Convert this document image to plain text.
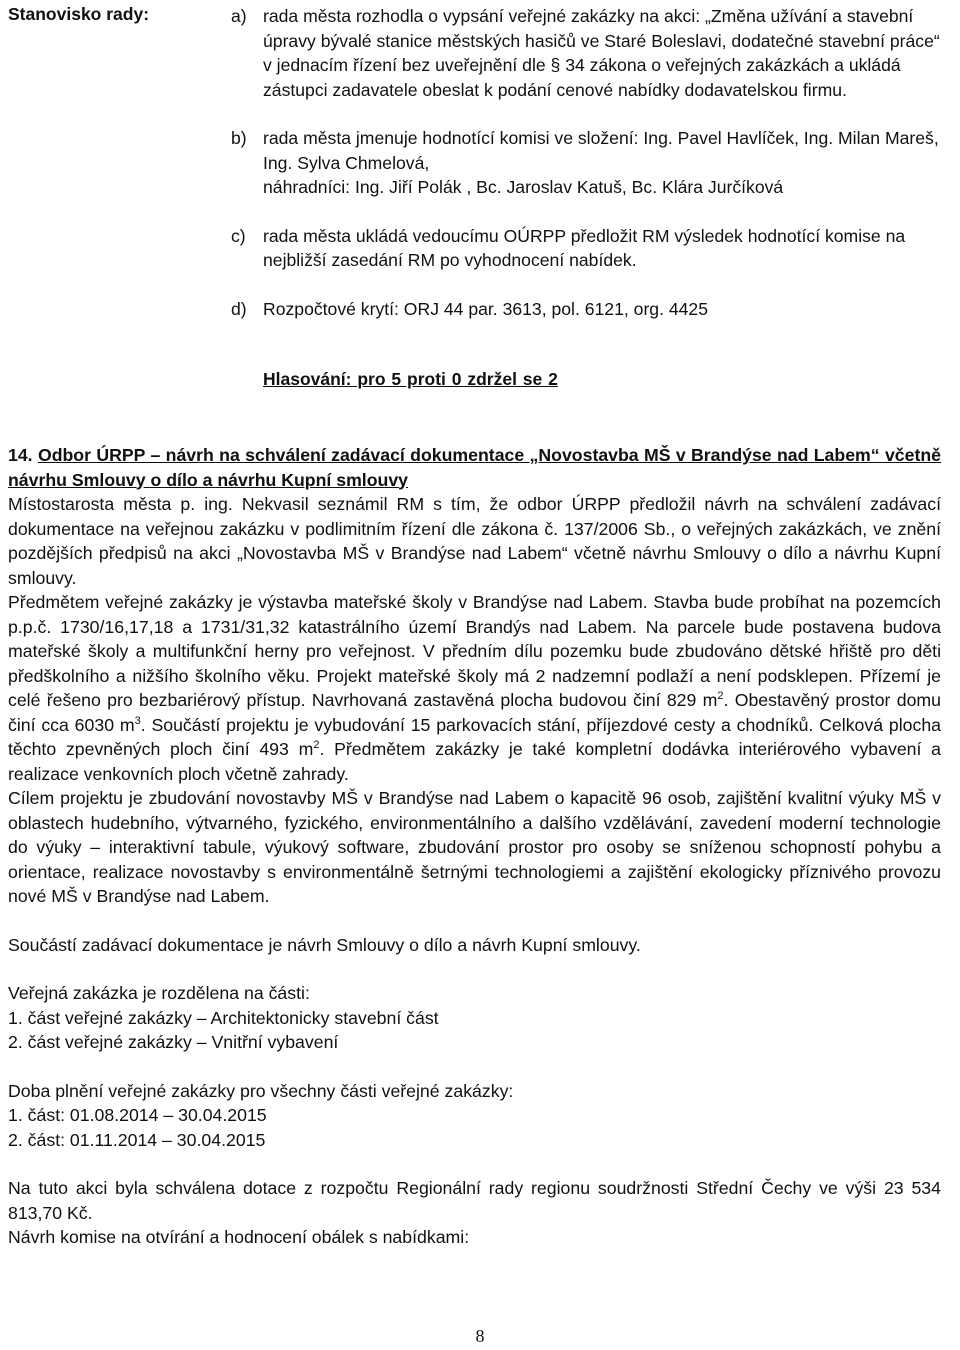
Stanovisko rady:	a) rada města rozhodla o vypsání veřejné zakázky na akci: „Změna užívání a stavební úpravy bývalé stanice městských hasičů ve Staré Boleslavi, dodatečné stavební práce“ v jednacím řízení bez uveřejnění dle § 34 zákona o veřejných zakázkách a ukládá zástupci zadavatele obeslat k podání cenové nabídky dodavatelskou firmu.
b) rada města jmenuje hodnotící komisi ve složení: Ing. Pavel Havlíček, Ing. Milan Mareš, Ing. Sylva Chmelová,
náhradníci: Ing. Jiří Polák , Bc. Jaroslav Katuš, Bc. Klára Jurčíková
c) rada města ukládá vedoucímu OÚRPP předložit RM výsledek hodnotící komise na nejbližší zasedání RM po vyhodnocení nabídek.
d) Rozpočtové krytí: ORJ 44 par. 3613, pol. 6121, org. 4425
Hlasování: pro 5 proti 0 zdržel se 2
14. Odbor ÚRPP – návrh na schválení zadávací dokumentace „Novostavba MŠ v Brandýse nad Labem“ včetně návrhu Smlouvy o dílo a návrhu Kupní smlouvy

Místostarosta města p. ing. Nekvasil seznámil RM s tím, že odbor ÚRPP předložil návrh na schválení zadávací dokumentace na veřejnou zakázku v podlimitním řízení dle zákona č. 137/2006 Sb., o veřejných zakázkách, ve znění pozdějších předpisů na akci „Novostavba MŠ v Brandýse nad Labem“ včetně návrhu Smlouvy o dílo a návrhu Kupní smlouvy.

Předmětem veřejné zakázky je výstavba mateřské školy v Brandýse nad Labem. Stavba bude probíhat na pozemcích p.p.č. 1730/16,17,18 a 1731/31,32 katastrálního území Brandýs nad Labem. Na parcele bude postavena budova mateřské školy a multifunkční herny pro veřejnost. V předním dílu pozemku bude zbudováno dětské hřiště pro děti předškolního a nižšího školního věku. Projekt mateřské školy má 2 nadzemní podlaží a není podsklepen. Přízemí je celé řešeno pro bezbariérový přístup. Navrhovaná zastavěná plocha budovou činí 829 $m^2$. Obestavěný prostor domu činí cca 6030 $m^3$. Součástí projektu je vybudování 15 parkovacích stání, příjezdové cesty a chodníků. Celková plocha těchto zpevněných ploch činí 493 $m^2$. Předmětem zakázky je také kompletní dodávka interiérového vybavení a realizace venkovních ploch včetně zahrady.

Cílem projektu je zbudování novostavby MŠ v Brandýse nad Labem o kapacitě 96 osob, zajištění kvalitní výuky MŠ v oblastech hudebního, výtvarného, fyzického, environmentálního a dalšího vzdělávání, zavedení moderní technologie do výuky – interaktivní tabule, výukový software, zbudování prostor pro osoby se sníženou schopností pohybu a orientace, realizace novostavby s environmentálně šetrnými technologiemi a zajištění ekologicky příznivého provozu nové MŠ v Brandýse nad Labem.

Součástí zadávací dokumentace je návrh Smlouvy o dílo a návrh Kupní smlouvy.

Veřejná zakázka je rozdělena na části:

1. část veřejné zakázky – Architektonicky stavební část

2. část veřejné zakázky – Vnitřní vybavení

Doba plnění veřejné zakázky pro všechny části veřejné zakázky:

1. část: 01.08.2014 – 30.04.2015

2. část: 01.11.2014 – 30.04.2015

Na tuto akci byla schválena dotace z rozpočtu Regionální rady regionu soudržnosti Střední Čechy ve výši 23 534 813,70 Kč.

Návrh komise na otvírání a hodnocení obálek s nabídkami:

8
